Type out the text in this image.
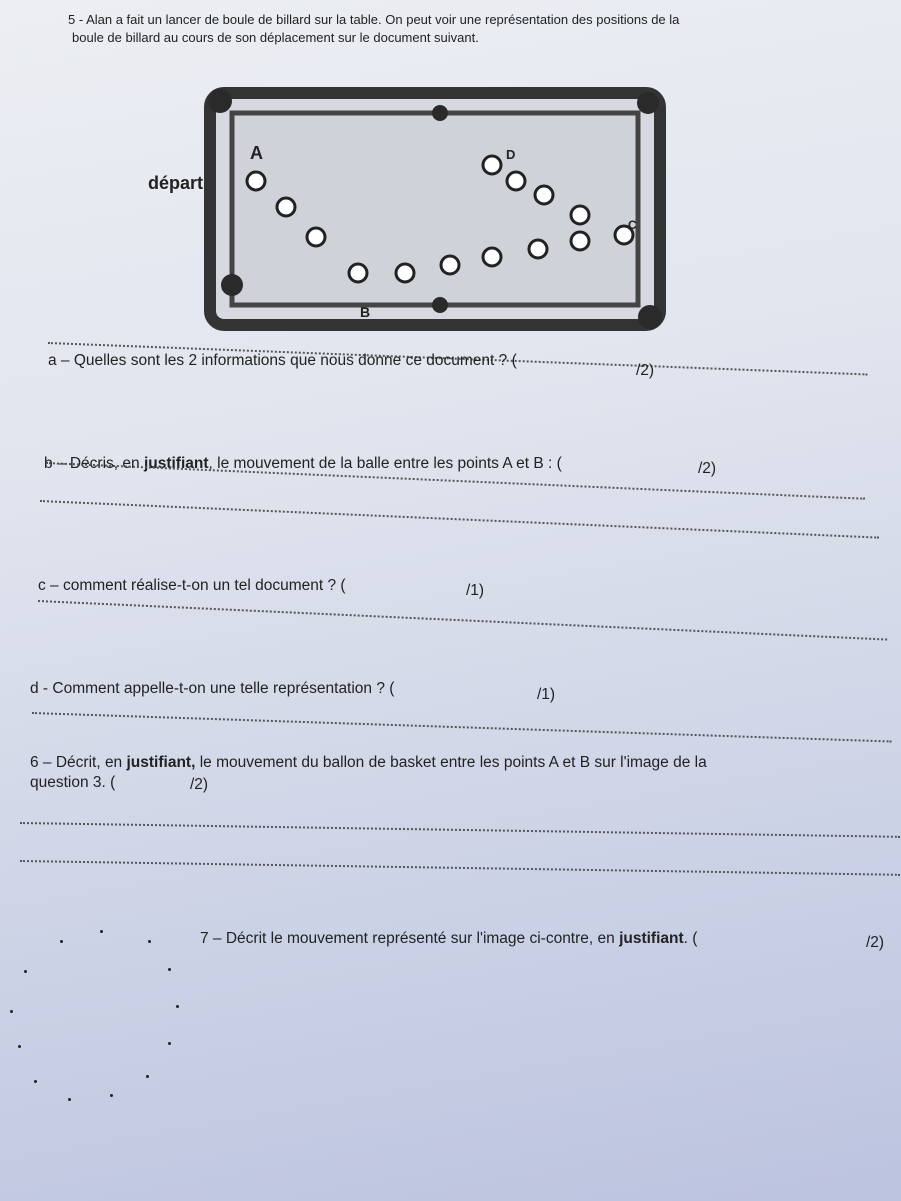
5 - Alan a fait un lancer de boule de billard sur la table. On peut voir une représentation des positions de la
boule de billard au cours de son déplacement sur le document suivant.
A	D
C
B
départ
a – Quelles sont les 2 informations que nous donne ce document ? (
/2)
b – Décris, en justifiant, le mouvement de la balle entre les points A et B : (	/2)
c – comment réalise-t-on un tel document ? (	/1)
d - Comment appelle-t-on une telle représentation ? (	/1)
6 – Décrit, en justifiant, le mouvement du ballon de basket entre les points A et B sur l'image de la
question 3. (	/2)
7 – Décrit le mouvement représenté sur l'image ci-contre, en justifiant. (	/2)
